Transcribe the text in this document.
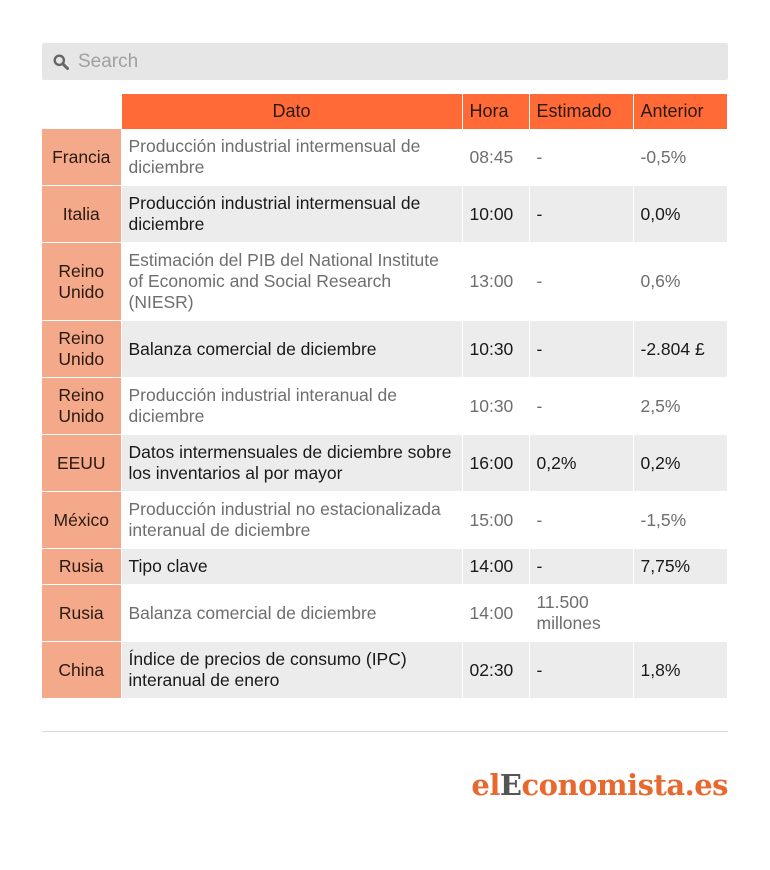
Search
	Dato	Hora	Estimado	Anterior
Francia	Producción industrial intermensual de diciembre	08:45	-	-0,5%
Italia	Producción industrial intermensual de diciembre	10:00	-	0,0%
Reino Unido	Estimación del PIB del National Institute of Economic and Social Research (NIESR)	13:00	-	0,6%
Reino Unido	Balanza comercial de diciembre	10:30	-	-2.804 £
Reino Unido	Producción industrial interanual de diciembre	10:30	-	2,5%
EEUU	Datos intermensuales de diciembre sobre los inventarios al por mayor	16:00	0,2%	0,2%
México	Producción industrial no estacionalizada interanual de diciembre	15:00	-	-1,5%
Rusia	Tipo clave	14:00	-	7,75%
Rusia	Balanza comercial de diciembre	14:00	11.500 millones	
China	Índice de precios de consumo (IPC) interanual de enero	02:30	-	1,8%
elEconomista.es
